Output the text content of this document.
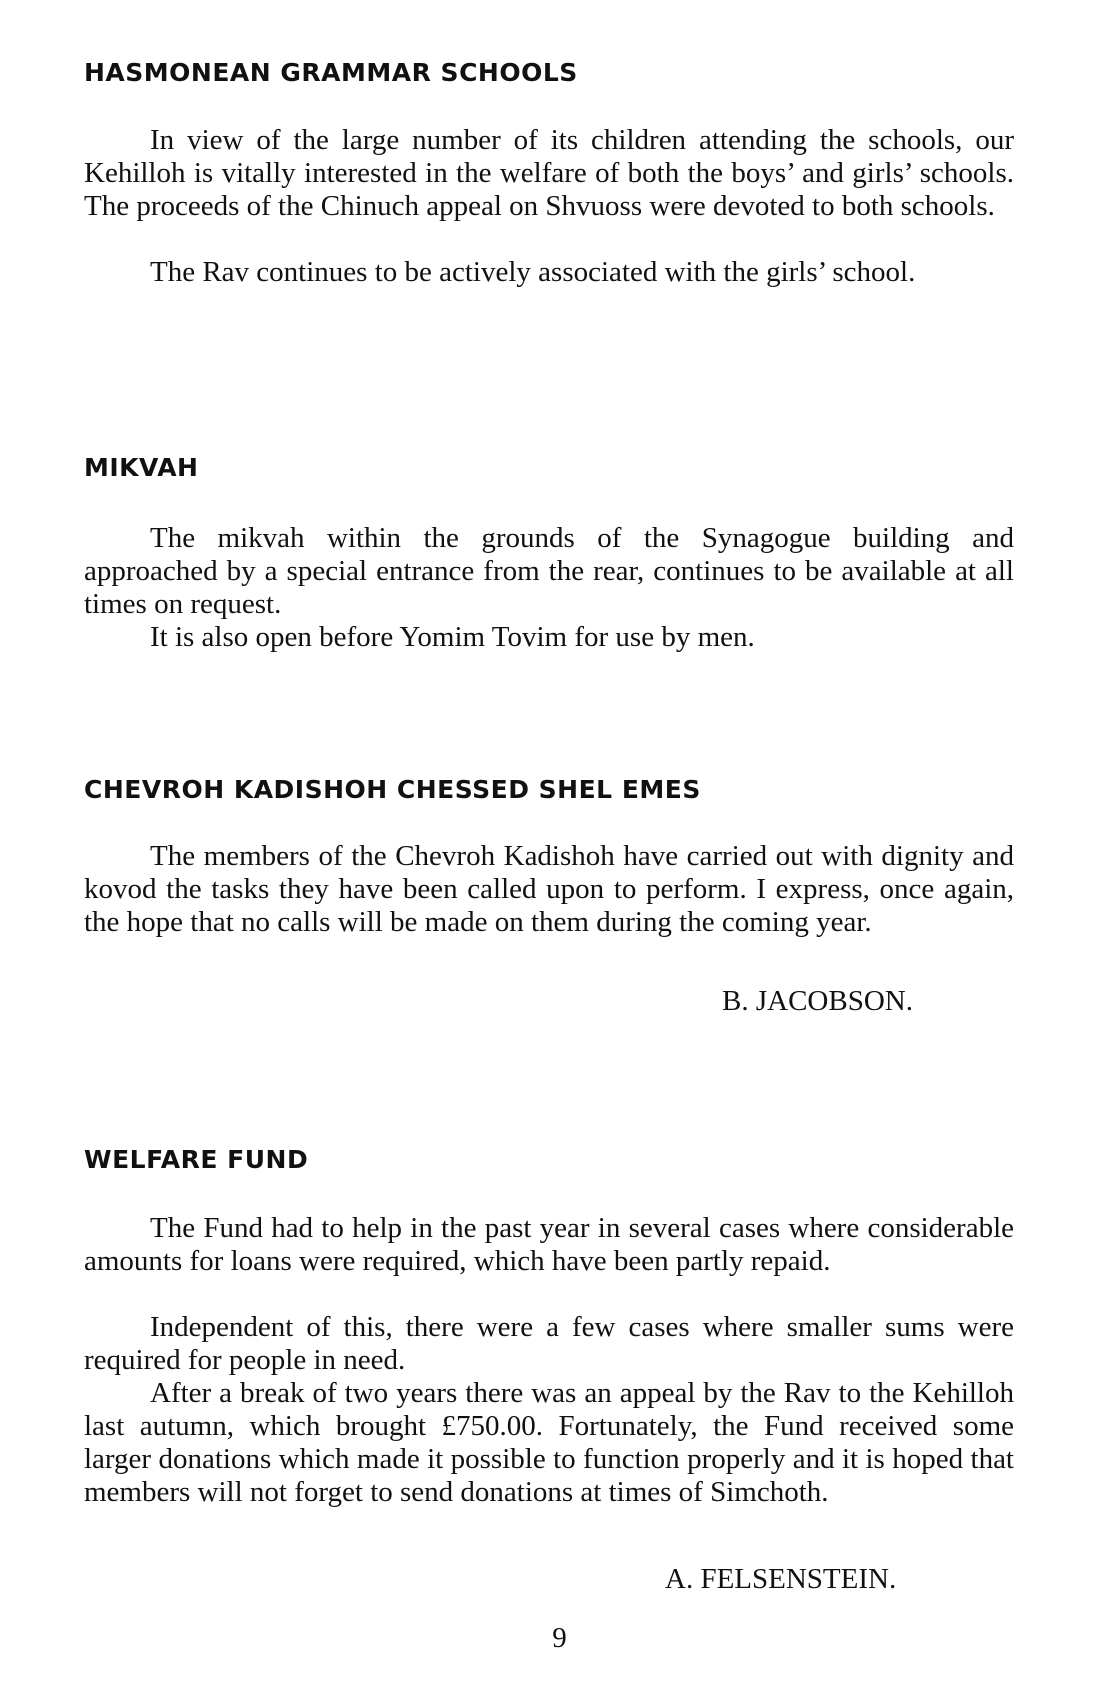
HASMONEAN GRAMMAR SCHOOLS

In view of the large number of its children attending the schools, our Kehilloh is vitally interested in the welfare of both the boys’ and girls’ schools. The proceeds of the Chinuch appeal on Shvuoss were devoted to both schools.

The Rav continues to be actively associated with the girls’ school.

MIKVAH

The mikvah within the grounds of the Synagogue building and approached by a special entrance from the rear, continues to be available at all times on request.

It is also open before Yomim Tovim for use by men.

CHEVROH KADISHOH CHESSED SHEL EMES

The members of the Chevroh Kadishoh have carried out with dignity and kovod the tasks they have been called upon to perform. I express, once again, the hope that no calls will be made on them during the coming year.

B. JACOBSON.

WELFARE FUND

The Fund had to help in the past year in several cases where considerable amounts for loans were required, which have been partly repaid.

Independent of this, there were a few cases where smaller sums were required for people in need.

After a break of two years there was an appeal by the Rav to the Kehilloh last autumn, which brought £750.00. Fortunately, the Fund received some larger donations which made it possible to function properly and it is hoped that members will not forget to send donations at times of Simchoth.

A. FELSENSTEIN.

9
